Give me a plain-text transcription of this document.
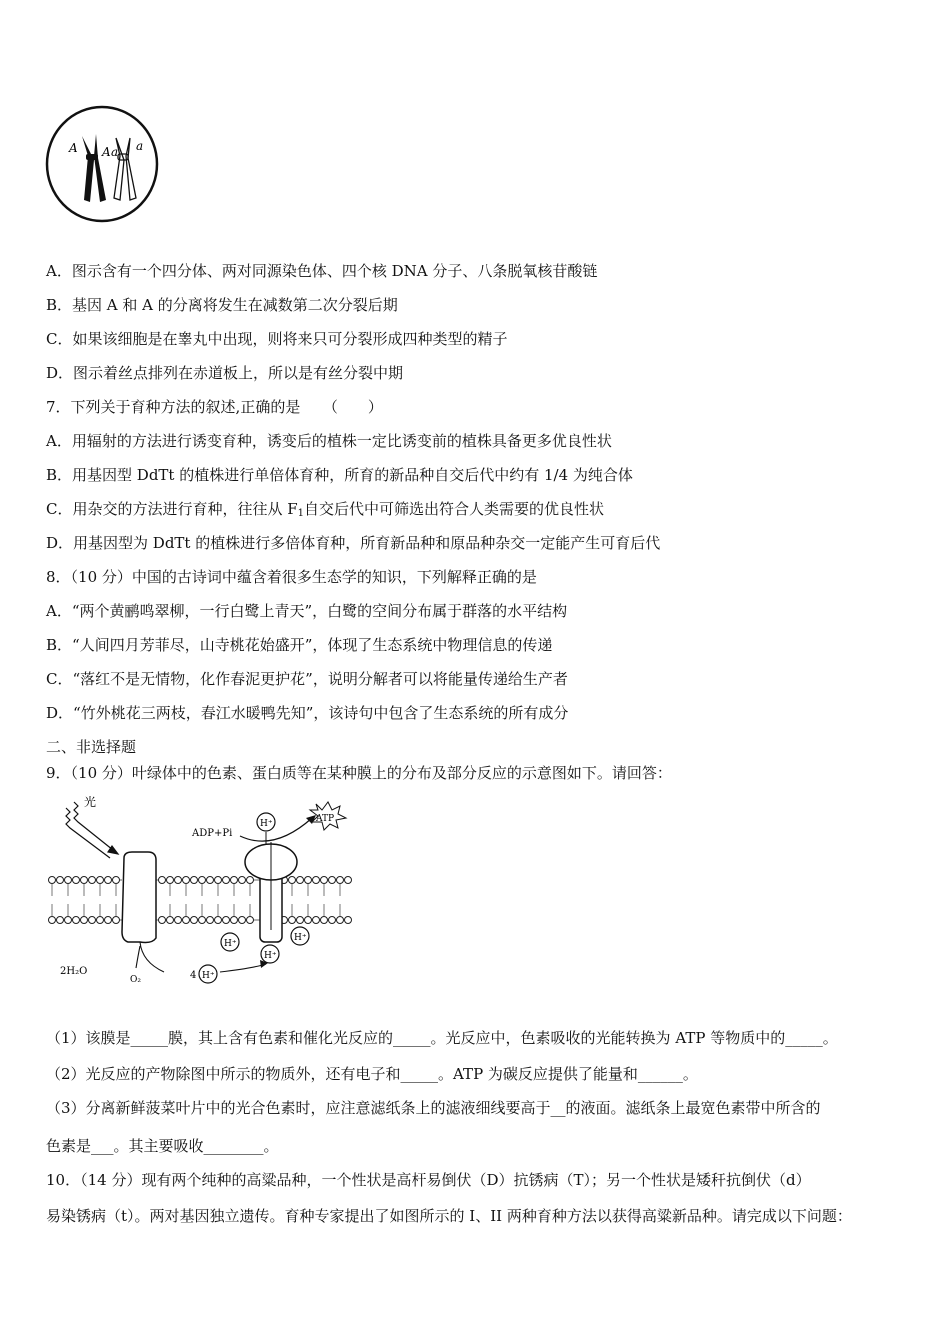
A A a a
A．图示含有一个四分体、两对同源染色体、四个核 DNA 分子、八条脱氧核苷酸链
B．基因 A 和 A 的分离将发生在减数第二次分裂后期
C．如果该细胞是在睾丸中出现，则将来只可分裂形成四种类型的精子
D．图示着丝点排列在赤道板上，所以是有丝分裂中期
7．下列关于育种方法的叙述,正确的是　　（　　）
A．用辐射的方法进行诱变育种，诱变后的植株一定比诱变前的植株具备更多优良性状
B．用基因型 DdTt 的植株进行单倍体育种，所育的新品种自交后代中约有 1/4 为纯合体
C．用杂交的方法进行育种，往往从 $F_1$自交后代中可筛选出符合人类需要的优良性状
D．用基因型为 DdTt 的植株进行多倍体育种，所育新品种和原品种杂交一定能产生可育后代
8．（10 分）中国的古诗词中蕴含着很多生态学的知识，下列解释正确的是
A．“两个黄鹂鸣翠柳，一行白鹭上青天”，白鹭的空间分布属于群落的水平结构
B．“人间四月芳菲尽，山寺桃花始盛开”，体现了生态系统中物理信息的传递
C．“落红不是无情物，化作春泥更护花”，说明分解者可以将能量传递给生产者
D．“竹外桃花三两枝，春江水暖鸭先知”，该诗句中包含了生态系统的所有成分
二、非选择题
9．（10 分）叶绿体中的色素、蛋白质等在某种膜上的分布及部分反应的示意图如下。请回答：
光
ADP+Pi
ATP
H⁺
H⁺
H⁺
H⁺
H⁺
2H₂O
O₂	4
（1）该膜是_____膜，其上含有色素和催化光反应的_____。光反应中，色素吸收的光能转换为 ATP 等物质中的_____。
（2）光反应的产物除图中所示的物质外，还有电子和_____。ATP 为碳反应提供了能量和______。
（3）分离新鲜菠菜叶片中的光合色素时，应注意滤纸条上的滤液细线要高于__的液面。滤纸条上最宽色素带中所含的
色素是___。其主要吸收________。
10．（14 分）现有两个纯种的高粱品种，一个性状是高杆易倒伏（D）抗锈病（T）；另一个性状是矮秆抗倒伏（d）
易染锈病（t）。两对基因独立遗传。育种专家提出了如图所示的 I、II 两种育种方法以获得高粱新品种。请完成以下问题：
